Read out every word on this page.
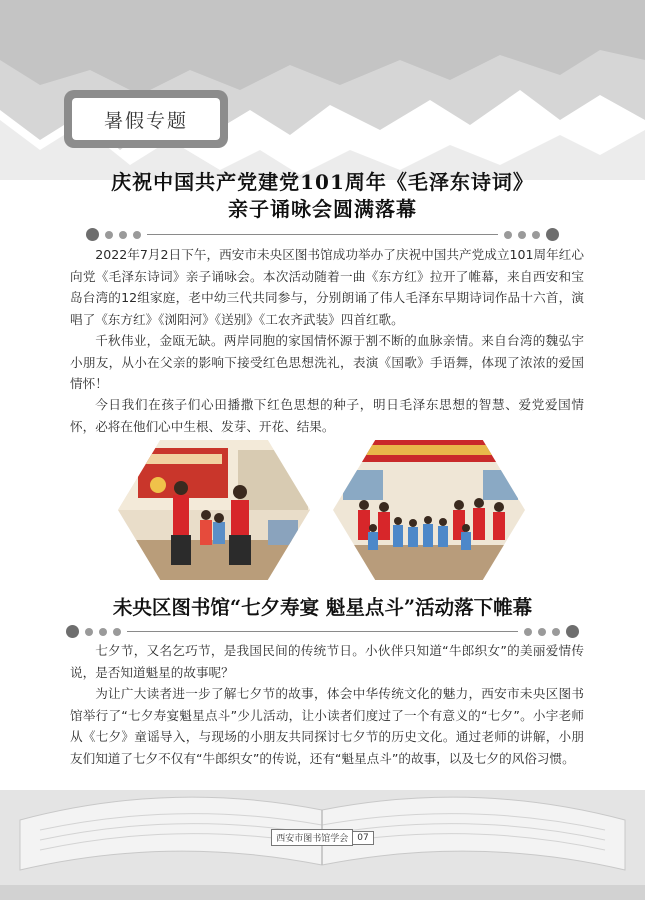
暑假专题
庆祝中国共产党建党101周年《毛泽东诗词》
亲子诵咏会圆满落幕
2022年7月2日下午，西安市未央区图书馆成功举办了庆祝中国共产党成立101周年红心向党《毛泽东诗词》亲子诵咏会。本次活动随着一曲《东方红》拉开了帷幕，来自西安和宝岛台湾的12组家庭，老中幼三代共同参与，分别朗诵了伟人毛泽东早期诗词作品十六首，演唱了《东方红》《浏阳河》《送别》《工农齐武装》四首红歌。
千秋伟业，金瓯无缺。两岸同胞的家国情怀源于割不断的血脉亲情。来自台湾的魏弘宇小朋友，从小在父亲的影响下接受红色思想洗礼，表演《国歌》手语舞，体现了浓浓的爱国情怀！
今日我们在孩子们心田播撒下红色思想的种子，明日毛泽东思想的智慧、爱党爱国情怀，必将在他们心中生根、发芽、开花、结果。
未央区图书馆“七夕寿宴 魁星点斗”活动落下帷幕
七夕节，又名乞巧节，是我国民间的传统节日。小伙伴只知道“牛郎织女”的美丽爱情传说，是否知道魁星的故事呢？
为让广大读者进一步了解七夕节的故事，体会中华传统文化的魅力，西安市未央区图书馆举行了“七夕寿宴魁星点斗”少儿活动，让小读者们度过了一个有意义的“七夕”。小宇老师从《七夕》童谣导入，与现场的小朋友共同探讨七夕节的历史文化。通过老师的讲解，小朋友们知道了七夕不仅有“牛郎织女”的传说，还有“魁星点斗”的故事，以及七夕的风俗习惯。
西安市图书馆学会	07
